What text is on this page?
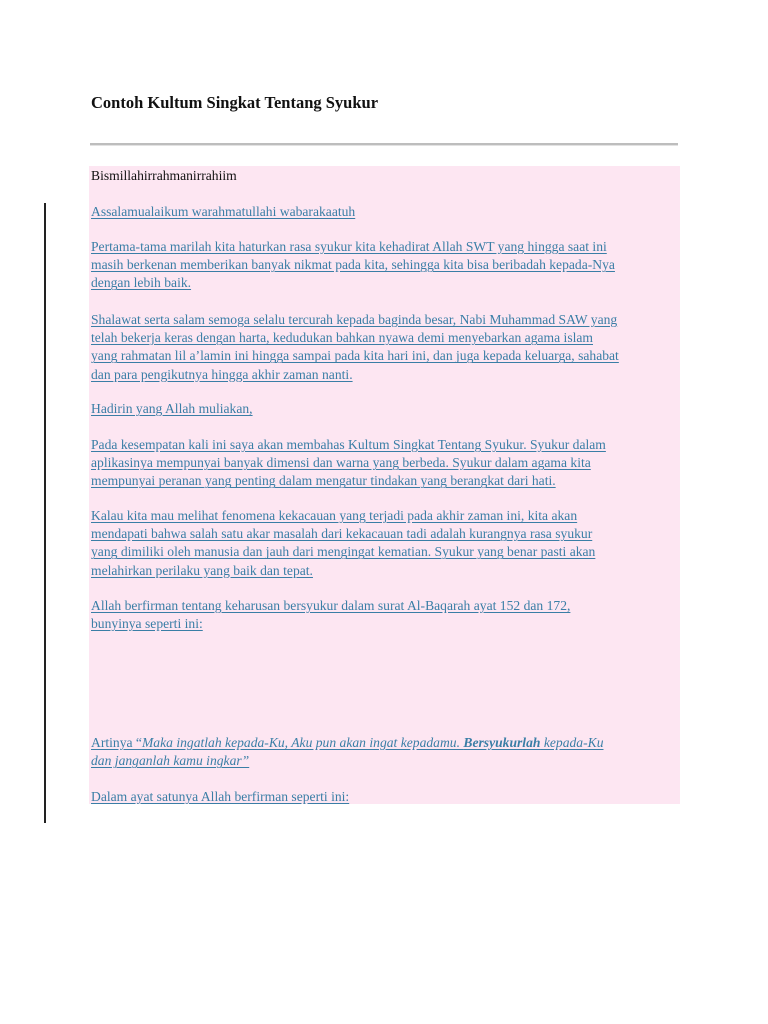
Contoh Kultum Singkat Tentang Syukur

Bismillahirrahmanirrahiim

Assalamualaikum warahmatullahi wabarakaatuh
Pertama-tama marilah kita haturkan rasa syukur kita kehadirat Allah SWT yang hingga saat ini
masih berkenan memberikan banyak nikmat pada kita, sehingga kita bisa beribadah kepada-Nya
dengan lebih baik.
Shalawat serta salam semoga selalu tercurah kepada baginda besar, Nabi Muhammad SAW yang
telah bekerja keras dengan harta, kedudukan bahkan nyawa demi menyebarkan agama islam
yang rahmatan lil a’lamin ini hingga sampai pada kita hari ini, dan juga kepada keluarga, sahabat
dan para pengikutnya hingga akhir zaman nanti.
Hadirin yang Allah muliakan,
Pada kesempatan kali ini saya akan membahas Kultum Singkat Tentang Syukur. Syukur dalam
aplikasinya mempunyai banyak dimensi dan warna yang berbeda. Syukur dalam agama kita
mempunyai peranan yang penting dalam mengatur tindakan yang berangkat dari hati.
Kalau kita mau melihat fenomena kekacauan yang terjadi pada akhir zaman ini, kita akan
mendapati bahwa salah satu akar masalah dari kekacauan tadi adalah kurangnya rasa syukur
yang dimiliki oleh manusia dan jauh dari mengingat kematian. Syukur yang benar pasti akan
melahirkan perilaku yang baik dan tepat.
Allah berfirman tentang keharusan bersyukur dalam surat Al-Baqarah ayat 152 dan 172,
bunyinya seperti ini:
Artinya “Maka ingatlah kepada-Ku, Aku pun akan ingat kepadamu. Bersyukurlah kepada-Ku
dan janganlah kamu ingkar”
Dalam ayat satunya Allah berfirman seperti ini:
